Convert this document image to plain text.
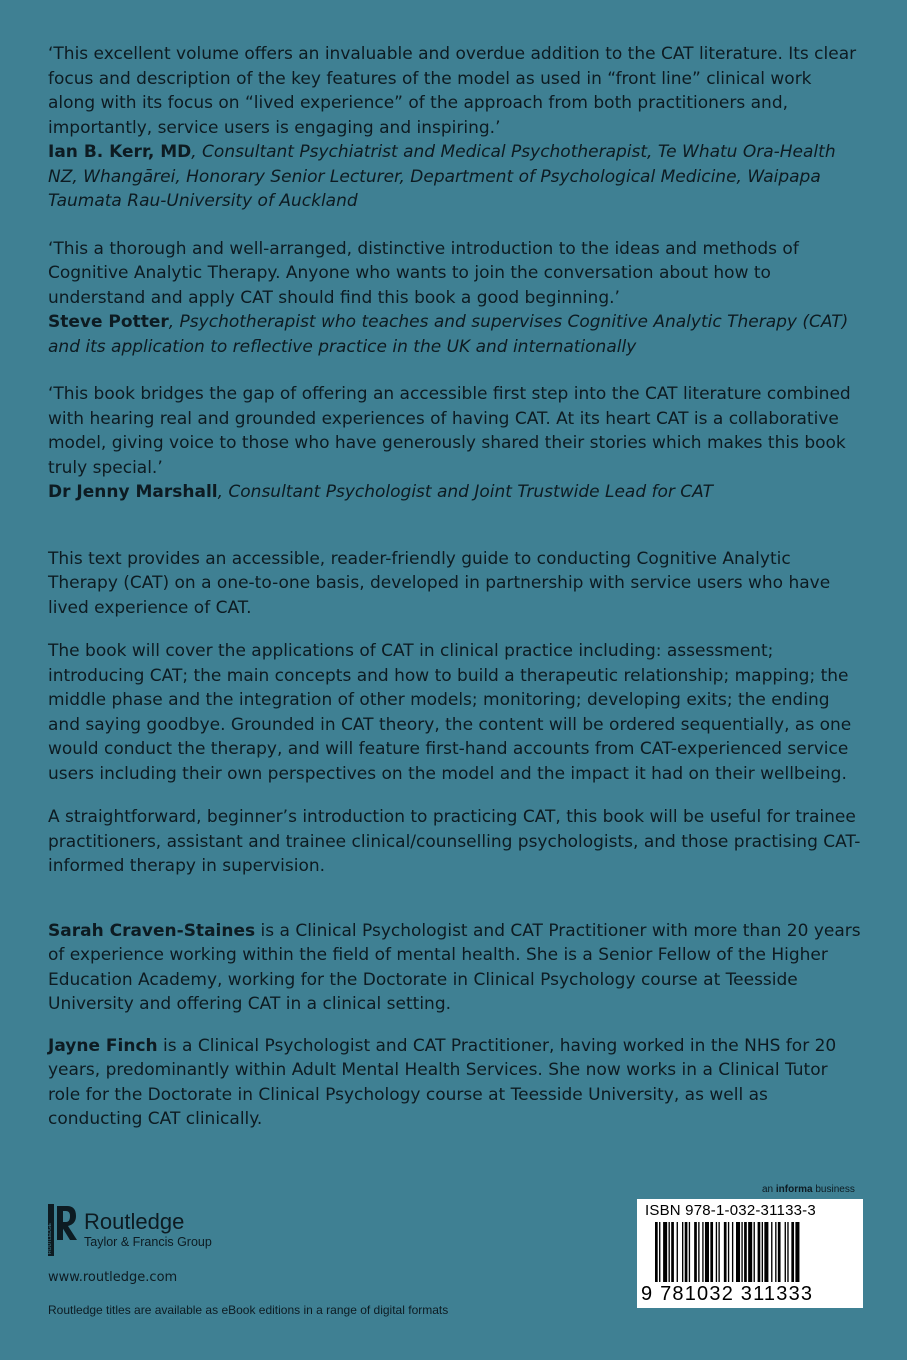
‘This excellent volume offers an invaluable and overdue addition to the CAT literature. Its clear focus and description of the key features of the model as used in “front line” clinical work along with its focus on “lived experience” of the approach from both practitioners and, importantly, service users is engaging and inspiring.’

Ian B. Kerr, MD, Consultant Psychiatrist and Medical Psychotherapist, Te Whatu Ora-Health NZ, Whangārei, Honorary Senior Lecturer, Department of Psychological Medicine, Waipapa Taumata Rau-University of Auckland

‘This a thorough and well-arranged, distinctive introduction to the ideas and methods of Cognitive Analytic Therapy. Anyone who wants to join the conversation about how to understand and apply CAT should find this book a good beginning.’

Steve Potter, Psychotherapist who teaches and supervises Cognitive Analytic Therapy (CAT) and its application to reflective practice in the UK and internationally

‘This book bridges the gap of offering an accessible first step into the CAT literature combined with hearing real and grounded experiences of having CAT. At its heart CAT is a collaborative model, giving voice to those who have generously shared their stories which makes this book truly special.’

Dr Jenny Marshall, Consultant Psychologist and Joint Trustwide Lead for CAT

This text provides an accessible, reader-friendly guide to conducting Cognitive Analytic Therapy (CAT) on a one-to-one basis, developed in partnership with service users who have lived experience of CAT.

The book will cover the applications of CAT in clinical practice including: assessment; introducing CAT; the main concepts and how to build a therapeutic relationship; mapping; the middle phase and the integration of other models; monitoring; developing exits; the ending and saying goodbye. Grounded in CAT theory, the content will be ordered sequentially, as one would conduct the therapy, and will feature first-hand accounts from CAT-experienced service users including their own perspectives on the model and the impact it had on their wellbeing.

A straightforward, beginner’s introduction to practicing CAT, this book will be useful for trainee practitioners, assistant and trainee clinical/counselling psychologists, and those practising CAT-informed therapy in supervision.

Sarah Craven-Staines is a Clinical Psychologist and CAT Practitioner with more than 20 years of experience working within the field of mental health. She is a Senior Fellow of the Higher Education Academy, working for the Doctorate in Clinical Psychology course at Teesside University and offering CAT in a clinical setting.

Jayne Finch is a Clinical Psychologist and CAT Practitioner, having worked in the NHS for 20 years, predominantly within Adult Mental Health Services. She now works in a Clinical Tutor role for the Doctorate in Clinical Psychology course at Teesside University, as well as conducting CAT clinically.

ROUTLEDGE
Routledge
Taylor & Francis Group
www.routledge.com
Routledge titles are available as eBook editions in a range of digital formats
an informa business
ISBN 978-1-032-31133-3
9 781032 311333
